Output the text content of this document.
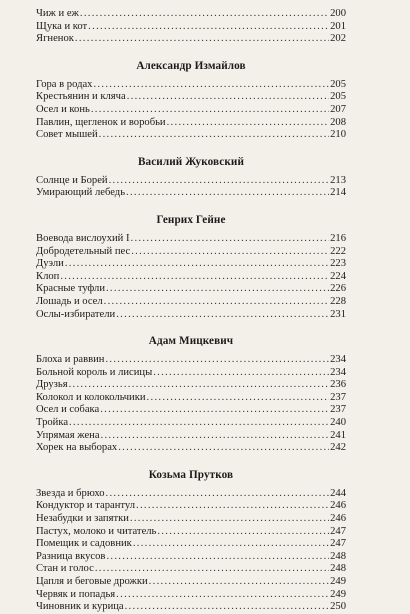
Чиж и еж .....	200
Щука и кот .....	201
Ягненок .....	202
Александр Измайлов
Гора в родах .....	205
Крестьянин и кляча .....	205
Осел и конь .....	207
Павлин, щегленок и воробьи .....	208
Совет мышей .....	210
Василий Жуковский
Солнце и Борей .....	213
Умирающий лебедь .....	214
Генрих Гейне
Воевода вислоухий I .....	216
Добродетельный пес .....	222
Дуэли .....	223
Клоп .....	224
Красные туфли .....	226
Лошадь и осел .....	228
Ослы-избиратели .....	231
Адам Мицкевич
Блоха и раввин .....	234
Больной король и лисицы .....	234
Друзья .....	236
Колокол и колокольчики .....	237
Осел и собака .....	237
Тройка .....	240
Упрямая жена .....	241
Хорек на выборах .....	242
Козьма Прутков
Звезда и брюхо .....	244
Кондуктор и тарантул .....	246
Незабудки и запятки .....	246
Пастух, молоко и читатель .....	247
Помещик и садовник .....	247
Разница вкусов .....	248
Стан и голос .....	248
Цапля и беговые дрожки .....	249
Червяк и попадья .....	249
Чиновник и курица .....	250
